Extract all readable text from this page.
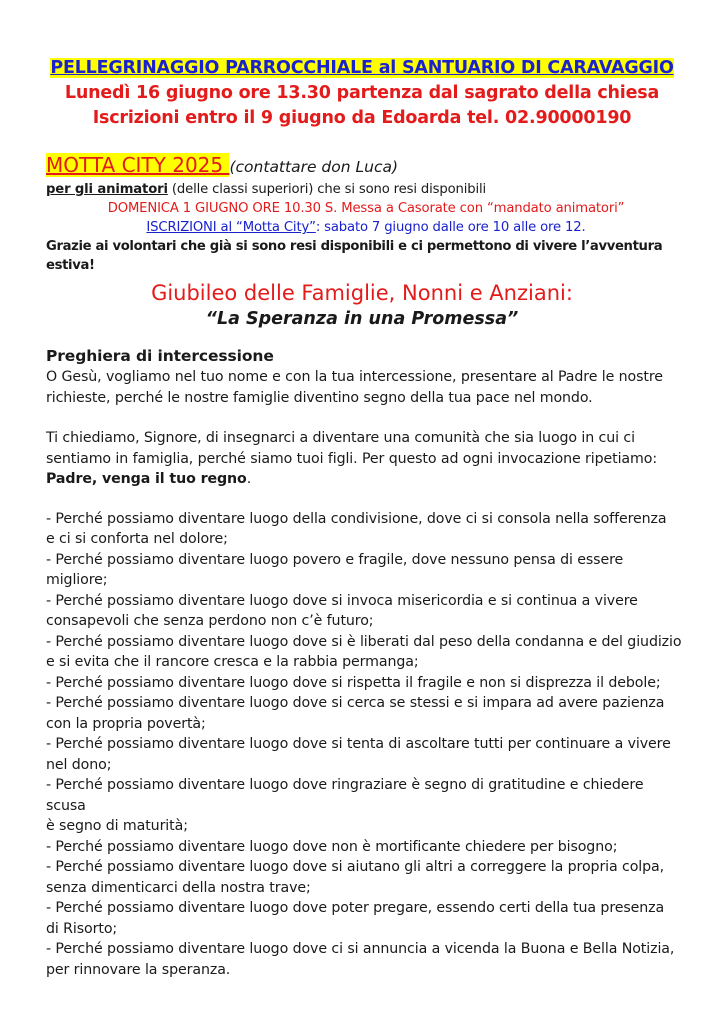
PELLEGRINAGGIO PARROCCHIALE al SANTUARIO DI CARAVAGGIO
Lunedì 16 giugno ore 13.30 partenza dal sagrato della chiesa
Iscrizioni entro il 9 giugno da Edoarda tel. 02.90000190
MOTTA CITY 2025 (contattare don Luca)
per gli animatori (delle classi superiori) che si sono resi disponibili
DOMENICA 1 GIUGNO ORE 10.30 S. Messa a Casorate con “mandato animatori”
ISCRIZIONI al “Motta City”: sabato 7 giugno dalle ore 10 alle ore 12.
Grazie ai volontari che già si sono resi disponibili e ci permettono di vivere l’avventura estiva!
Giubileo delle Famiglie, Nonni e Anziani:
“La Speranza in una Promessa”

Preghiera di intercessione

O Gesù, vogliamo nel tuo nome e con la tua intercessione, presentare al Padre le nostre

richieste, perché le nostre famiglie diventino segno della tua pace nel mondo.

Ti chiediamo, Signore, di insegnarci a diventare una comunità che sia luogo in cui ci

sentiamo in famiglia, perché siamo tuoi figli. Per questo ad ogni invocazione ripetiamo:

Padre, venga il tuo regno.

- Perché possiamo diventare luogo della condivisione, dove ci si consola nella sofferenza

e ci si conforta nel dolore;

- Perché possiamo diventare luogo povero e fragile, dove nessuno pensa di essere migliore;

- Perché possiamo diventare luogo dove si invoca misericordia e si continua a vivere

consapevoli che senza perdono non c’è futuro;

- Perché possiamo diventare luogo dove si è liberati dal peso della condanna e del giudizio

e si evita che il rancore cresca e la rabbia permanga;

- Perché possiamo diventare luogo dove si rispetta il fragile e non si disprezza il debole;

- Perché possiamo diventare luogo dove si cerca se stessi e si impara ad avere pazienza

con la propria povertà;

- Perché possiamo diventare luogo dove si tenta di ascoltare tutti per continuare a vivere

nel dono;

- Perché possiamo diventare luogo dove ringraziare è segno di gratitudine e chiedere scusa

è segno di maturità;

- Perché possiamo diventare luogo dove non è mortificante chiedere per bisogno;

- Perché possiamo diventare luogo dove si aiutano gli altri a correggere la propria colpa,

senza dimenticarci della nostra trave;

- Perché possiamo diventare luogo dove poter pregare, essendo certi della tua presenza

di Risorto;

- Perché possiamo diventare luogo dove ci si annuncia a vicenda la Buona e Bella Notizia,

per rinnovare la speranza.
